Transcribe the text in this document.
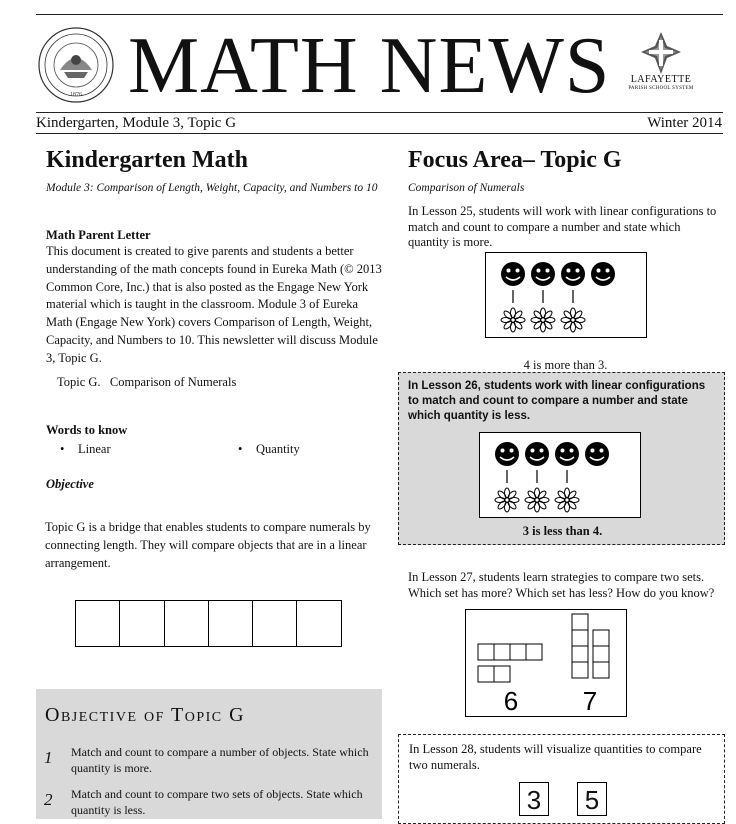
1876 MATH NEWS	LAFAYETTE
PARISH SCHOOL SYSTEM
Kindergarten, Module 3, Topic G	Winter 2014
Kindergarten Math
Module 3: Comparison of Length, Weight, Capacity, and Numbers to 10
Math Parent Letter
This document is created to give parents and students a better understanding of the math concepts found in Eureka Math (© 2013 Common Core, Inc.) that is also posted as the Engage New York material which is taught in the classroom. Module 3 of Eureka Math (Engage New York) covers Comparison of Length, Weight, Capacity, and Numbers to 10. This newsletter will discuss Module 3, Topic G.
Topic G.   Comparison of Numerals
Words to know
• Linear	• Quantity
Objective
Topic G is a bridge that enables students to compare numerals by connecting length. They will compare objects that are in a linear arrangement.
Objective of Topic G
1 Match and count to compare a number of objects. State which quantity is more.
2 Match and count to compare two sets of objects. State which quantity is less.
Focus Area– Topic G
Comparison of Numerals
In Lesson 25, students will work with linear configurations to match and count to compare a number and state which quantity is more.
4 is more than 3.
In Lesson 26, students work with linear configurations to match and count to compare a number and state which quantity is less.
3 is less than 4.
In Lesson 27, students learn strategies to compare two sets. Which set has more? Which set has less? How do you know?
6 7
In Lesson 28, students will visualize quantities to compare two numerals.
3 5
